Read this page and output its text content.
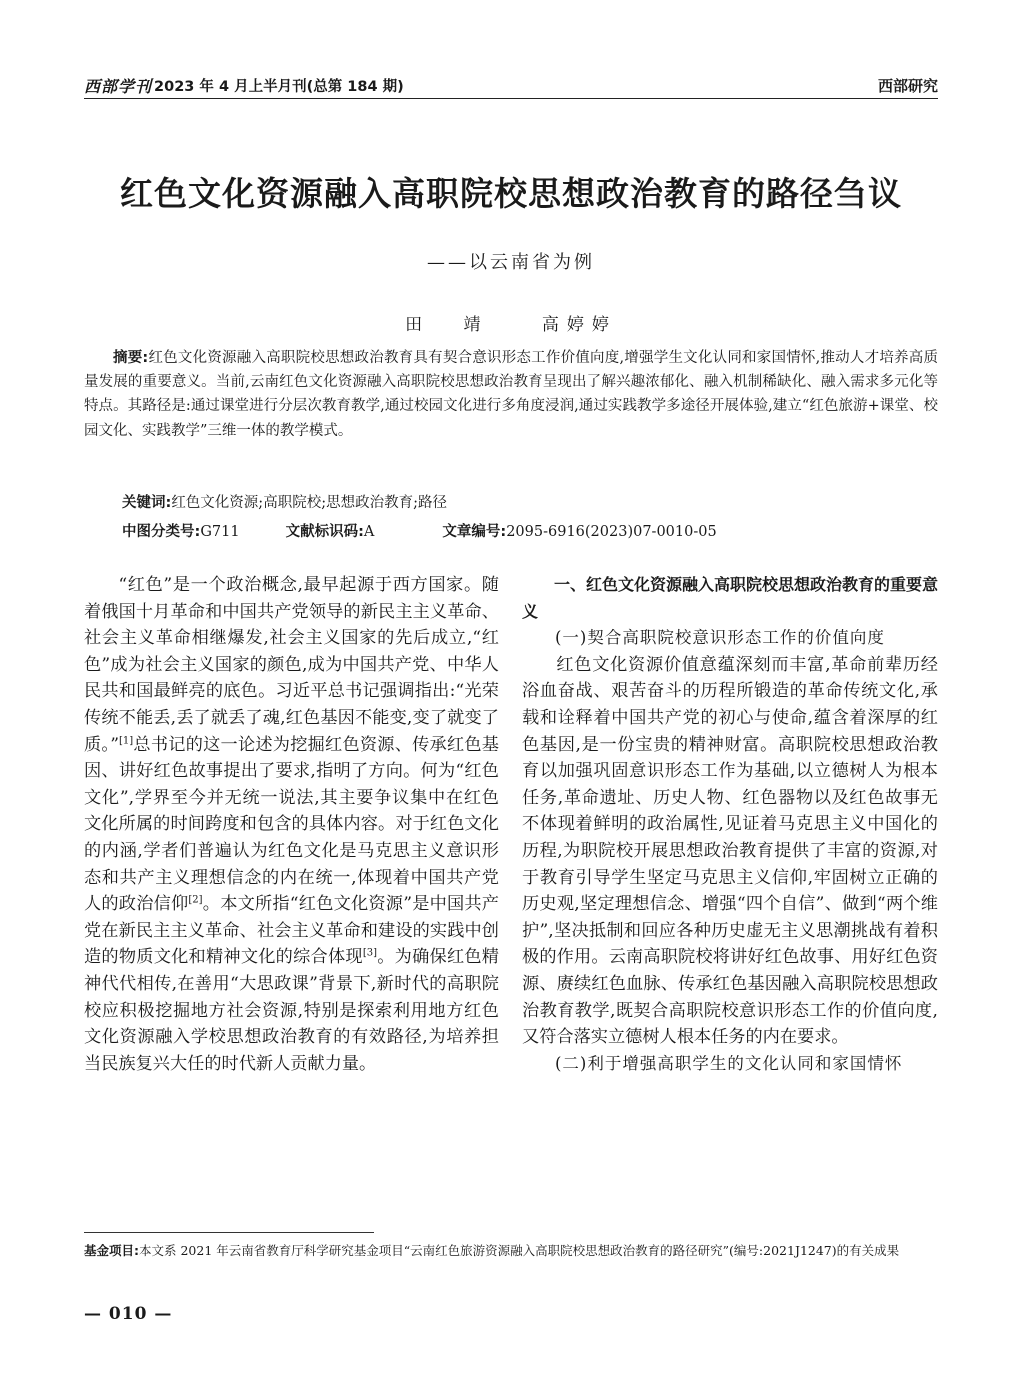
西部学刊 2023 年 4 月上半月刊(总第 184 期)	西部研究
红色文化资源融入高职院校思想政治教育的路径刍议
——以云南省为例
田 靖	高婷婷
摘要:红色文化资源融入高职院校思想政治教育具有契合意识形态工作价值向度,增强学生文化认同和家国情怀,推动人才培养高质量发展的重要意义。当前,云南红色文化资源融入高职院校思想政治教育呈现出了解兴趣浓郁化、融入机制稀缺化、融入需求多元化等特点。其路径是:通过课堂进行分层次教育教学,通过校园文化进行多角度浸润,通过实践教学多途径开展体验,建立“红色旅游+课堂、校园文化、实践教学”三维一体的教学模式。
关键词:红色文化资源;高职院校;思想政治教育;路径
中图分类号:G711	文献标识码:A	文章编号:2095-6916(2023)07-0010-05

“红色”是一个政治概念,最早起源于西方国家。随着俄国十月革命和中国共产党领导的新民主主义革命、社会主义革命相继爆发,社会主义国家的先后成立,“红色”成为社会主义国家的颜色,成为中国共产党、中华人民共和国最鲜亮的底色。习近平总书记强调指出:“光荣传统不能丢,丢了就丢了魂,红色基因不能变,变了就变了质。”[1]总书记的这一论述为挖掘红色资源、传承红色基因、讲好红色故事提出了要求,指明了方向。何为“红色文化”,学界至今并无统一说法,其主要争议集中在红色文化所属的时间跨度和包含的具体内容。对于红色文化的内涵,学者们普遍认为红色文化是马克思主义意识形态和共产主义理想信念的内在统一,体现着中国共产党人的政治信仰[2]。本文所指“红色文化资源”是中国共产党在新民主主义革命、社会主义革命和建设的实践中创造的物质文化和精神文化的综合体现[3]。为确保红色精神代代相传,在善用“大思政课”背景下,新时代的高职院校应积极挖掘地方社会资源,特别是探索利用地方红色文化资源融入学校思想政治教育的有效路径,为培养担当民族复兴大任的时代新人贡献力量。

一、红色文化资源融入高职院校思想政治教育的重要意义

(一)契合高职院校意识形态工作的价值向度

红色文化资源价值意蕴深刻而丰富,革命前辈历经浴血奋战、艰苦奋斗的历程所锻造的革命传统文化,承载和诠释着中国共产党的初心与使命,蕴含着深厚的红色基因,是一份宝贵的精神财富。高职院校思想政治教育以加强巩固意识形态工作为基础,以立德树人为根本任务,革命遗址、历史人物、红色器物以及红色故事无不体现着鲜明的政治属性,见证着马克思主义中国化的历程,为职院校开展思想政治教育提供了丰富的资源,对于教育引导学生坚定马克思主义信仰,牢固树立正确的历史观,坚定理想信念、增强“四个自信”、做到“两个维护”,坚决抵制和回应各种历史虚无主义思潮挑战有着积极的作用。云南高职院校将讲好红色故事、用好红色资源、赓续红色血脉、传承红色基因融入高职院校思想政治教育教学,既契合高职院校意识形态工作的价值向度,又符合落实立德树人根本任务的内在要求。

(二)利于增强高职学生的文化认同和家国情怀

基金项目:本文系 2021 年云南省教育厅科学研究基金项目“云南红色旅游资源融入高职院校思想政治教育的路径研究”(编号:2021J1247)的有关成果
— 010 —
